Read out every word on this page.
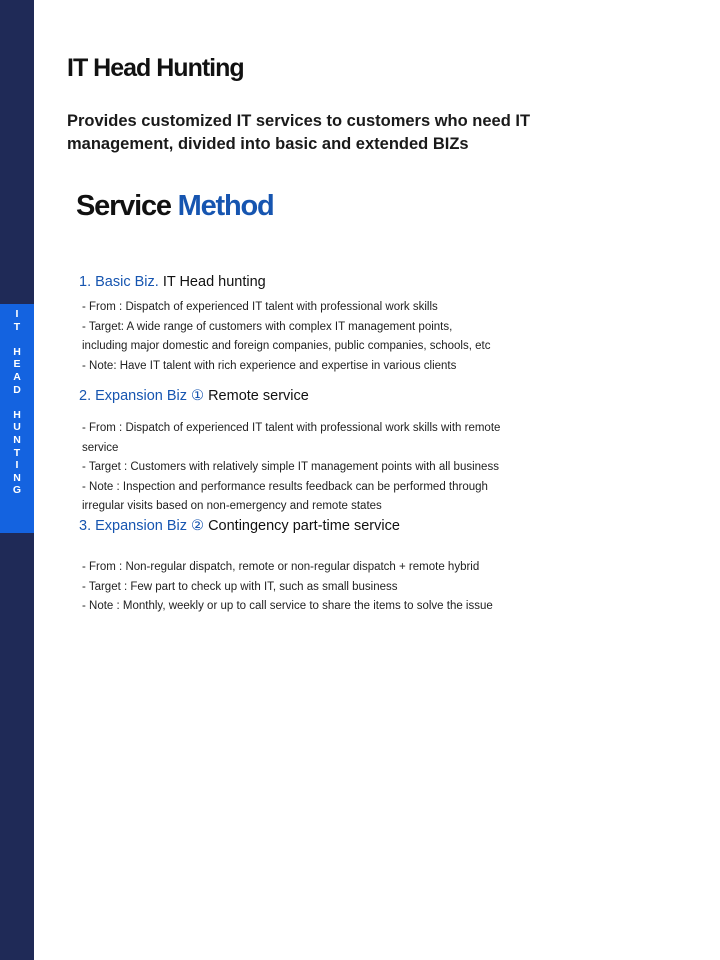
I
T
H
E
A
D
H
U
N
T
I
N
G
IT Head Hunting

Provides customized IT services to customers who need IT management, divided into basic and extended BIZs

Service Method
1. Basic Biz. IT Head hunting
- From : Dispatch of experienced IT talent with professional work skills
- Target: A wide range of customers with complex IT management points,
including major domestic and foreign companies, public companies, schools, etc
- Note: Have IT talent with rich experience and expertise in various clients
2. Expansion Biz ① Remote service
- From : Dispatch of experienced IT talent with professional work skills with remote
service
- Target : Customers with relatively simple IT management points with all business
- Note : Inspection and performance results feedback can be performed through
irregular visits based on non-emergency and remote states
3. Expansion Biz ② Contingency part-time service
- From : Non-regular dispatch, remote or non-regular dispatch + remote hybrid
- Target : Few part to check up with IT, such as small business
- Note : Monthly, weekly or up to call service to share the items to solve the issue
